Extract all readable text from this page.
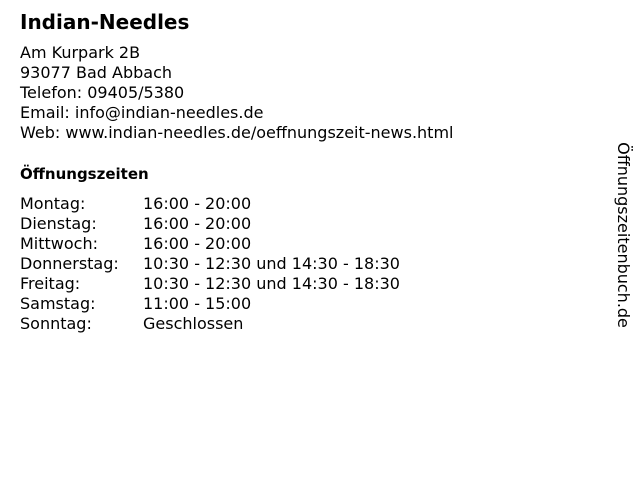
Indian-Needles
Am Kurpark 2B
93077 Bad Abbach
Telefon: 09405/5380
Email: info@indian-needles.de
Web: www.indian-needles.de/oeffnungszeit-news.html
Öffnungszeiten
Montag:	16:00 - 20:00
Dienstag:	16:00 - 20:00
Mittwoch:	16:00 - 20:00
Donnerstag:	10:30 - 12:30 und 14:30 - 18:30
Freitag:	10:30 - 12:30 und 14:30 - 18:30
Samstag:	11:00 - 15:00
Sonntag:	Geschlossen	Öffnungszeitenbuch.de
